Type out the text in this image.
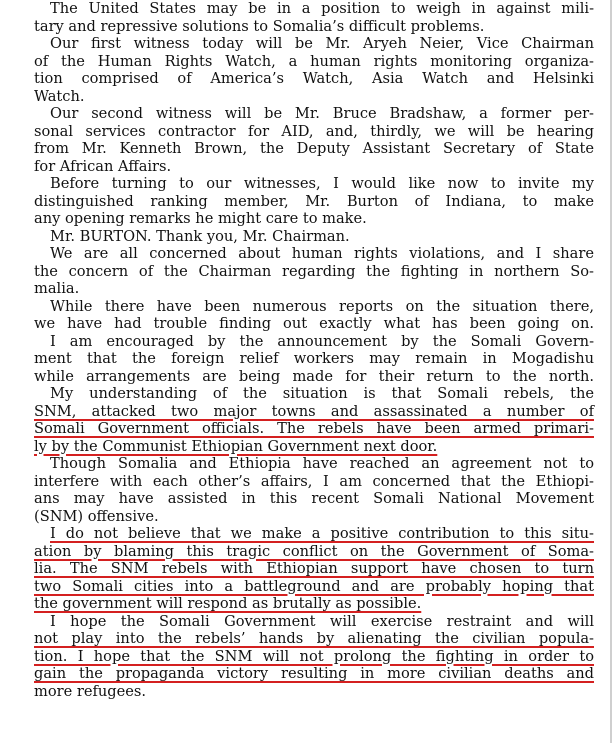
The United States may be in a position to weigh in against mili-
tary and repressive solutions to Somalia’s difficult problems.
Our first witness today will be Mr. Aryeh Neier, Vice Chairman
of the Human Rights Watch, a human rights monitoring organiza-
tion comprised of America’s Watch, Asia Watch and Helsinki
Watch.
Our second witness will be Mr. Bruce Bradshaw, a former per-
sonal services contractor for AID, and, thirdly, we will be hearing
from Mr. Kenneth Brown, the Deputy Assistant Secretary of State
for African Affairs.
Before turning to our witnesses, I would like now to invite my
distinguished ranking member, Mr. Burton of Indiana, to make
any opening remarks he might care to make.
Mr. BURTON. Thank you, Mr. Chairman.
We are all concerned about human rights violations, and I share
the concern of the Chairman regarding the fighting in northern So-
malia.
While there have been numerous reports on the situation there,
we have had trouble finding out exactly what has been going on.
I am encouraged by the announcement by the Somali Govern-
ment that the foreign relief workers may remain in Mogadishu
while arrangements are being made for their return to the north.
My understanding of the situation is that Somali rebels, the
SNM, attacked two major towns and assassinated a number of
Somali Government officials. The rebels have been armed primari-
ly by the Communist Ethiopian Government next door.
Though Somalia and Ethiopia have reached an agreement not to
interfere with each other’s affairs, I am concerned that the Ethiopi-
ans may have assisted in this recent Somali National Movement
(SNM) offensive.
I do not believe that we make a positive contribution to this situ-
ation by blaming this tragic conflict on the Government of Soma-
lia. The SNM rebels with Ethiopian support have chosen to turn
two Somali cities into a battleground and are probably hoping that
the government will respond as brutally as possible.
I hope the Somali Government will exercise restraint and will
not play into the rebels’ hands by alienating the civilian popula-
tion. I hope that the SNM will not prolong the fighting in order to
gain the propaganda victory resulting in more civilian deaths and
more refugees.
